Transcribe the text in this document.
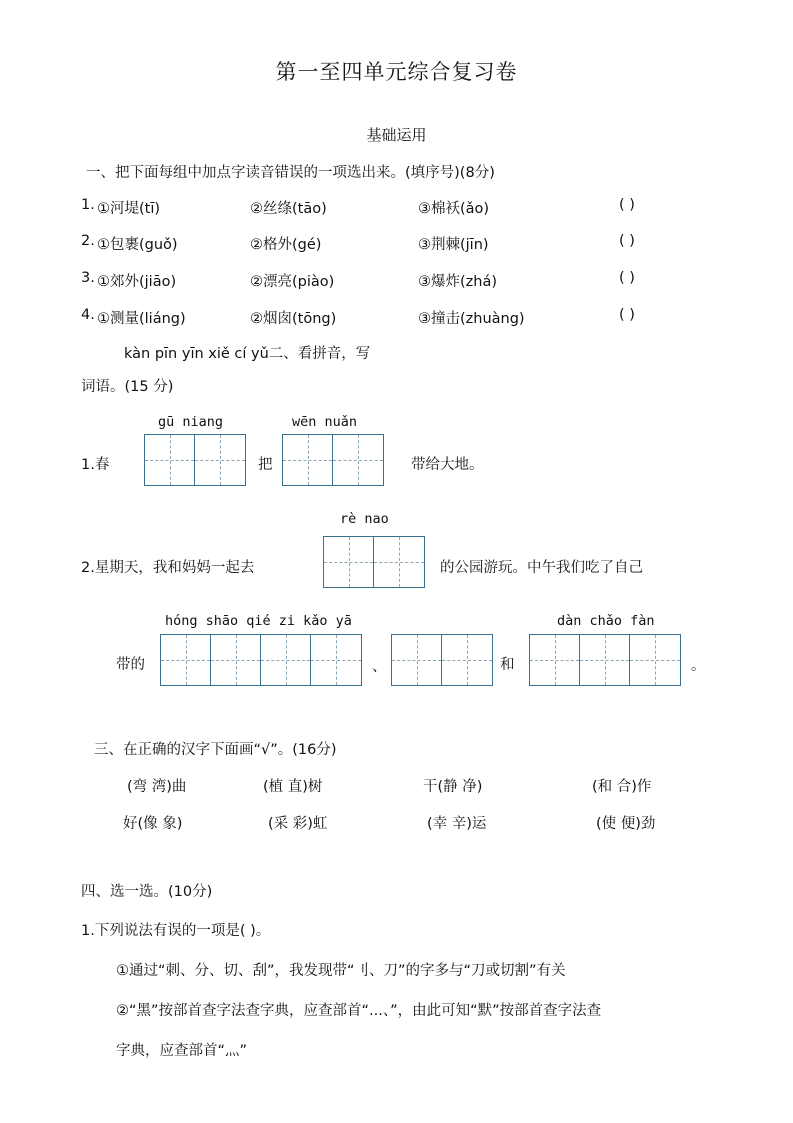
第一至四单元综合复习卷
基础运用
一、把下面每组中加点字读音错误的一项选出来。(填序号)(8分)
1. ①河堤(tī)	②丝绦(tāo)	③棉袄(ǎo)	( )
2. ①包裹(guǒ)	②格外(gé)	③荆棘(jīn)	( )
3. ①郊外(jiāo)	②漂亮(piào)	③爆炸(zhá)	( )
4. ①测量(liáng)	②烟囱(tōng)	③撞击(zhuàng)	( )
kàn pīn yīn xiě cí yǔ二、看拼音，写
词语。(15 分)
gū niang	wēn nuǎn
1.春	把	带给大地。
rè nao
2.星期天，我和妈妈一起去	的公园游玩。中午我们吃了自己
hóng shāo qié zi kǎo yā	dàn chǎo fàn
带的	、	和	。
三、在正确的汉字下面画“√”。(16分)
(弯 湾)曲	(植 直)树	干(静 净)	(和 合)作
好(像 象)	(采 彩)虹	(幸 辛)运	(使 便)劲
四、选一选。(10分)
1.下列说法有误的一项是( )。
①通过“刺、分、切、刮”，我发现带“刂、刀”的字多与“刀或切割”有关
②“黑”按部首查字法查字典，应查部首“...、”，由此可知“默”按部首查字法查
字典，应查部首“灬”
